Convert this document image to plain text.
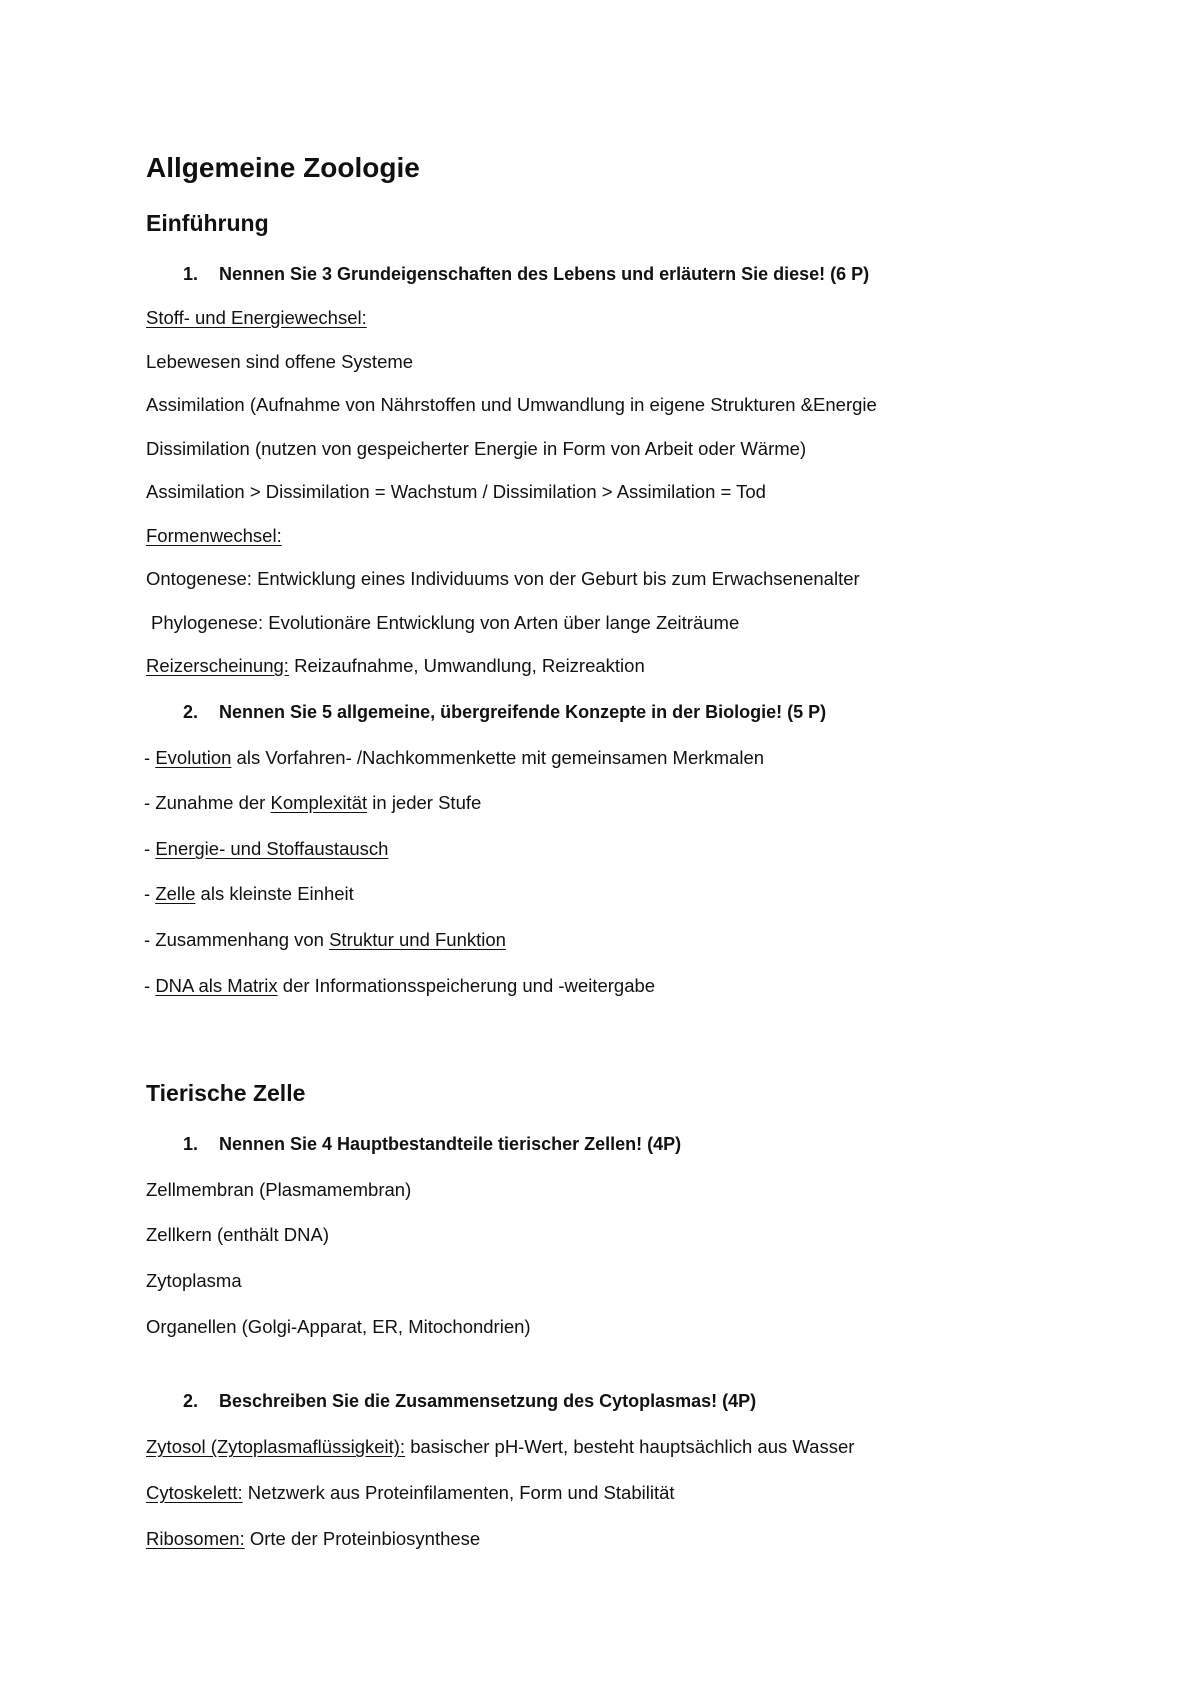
Allgemeine Zoologie
Einführung
1. Nennen Sie 3 Grundeigenschaften des Lebens und erläutern Sie diese! (6 P)
Stoff- und Energiewechsel:
Lebewesen sind offene Systeme
Assimilation (Aufnahme von Nährstoffen und Umwandlung in eigene Strukturen &Energie
Dissimilation (nutzen von gespeicherter Energie in Form von Arbeit oder Wärme)
Assimilation > Dissimilation = Wachstum / Dissimilation > Assimilation = Tod
Formenwechsel:
Ontogenese: Entwicklung eines Individuums von der Geburt bis zum Erwachsenenalter
Phylogenese: Evolutionäre Entwicklung von Arten über lange Zeiträume
Reizerscheinung: Reizaufnahme, Umwandlung, Reizreaktion
2. Nennen Sie 5 allgemeine, übergreifende Konzepte in der Biologie! (5 P)
- Evolution als Vorfahren- /Nachkommenkette mit gemeinsamen Merkmalen
- Zunahme der Komplexität in jeder Stufe
- Energie- und Stoffaustausch
- Zelle als kleinste Einheit
- Zusammenhang von Struktur und Funktion
- DNA als Matrix der Informationsspeicherung und -weitergabe
Tierische Zelle
1. Nennen Sie 4 Hauptbestandteile tierischer Zellen! (4P)
Zellmembran (Plasmamembran)
Zellkern (enthält DNA)
Zytoplasma
Organellen (Golgi-Apparat, ER, Mitochondrien)
2. Beschreiben Sie die Zusammensetzung des Cytoplasmas! (4P)
Zytosol (Zytoplasmaflüssigkeit): basischer pH-Wert, besteht hauptsächlich aus Wasser
Cytoskelett: Netzwerk aus Proteinfilamenten, Form und Stabilität
Ribosomen: Orte der Proteinbiosynthese
